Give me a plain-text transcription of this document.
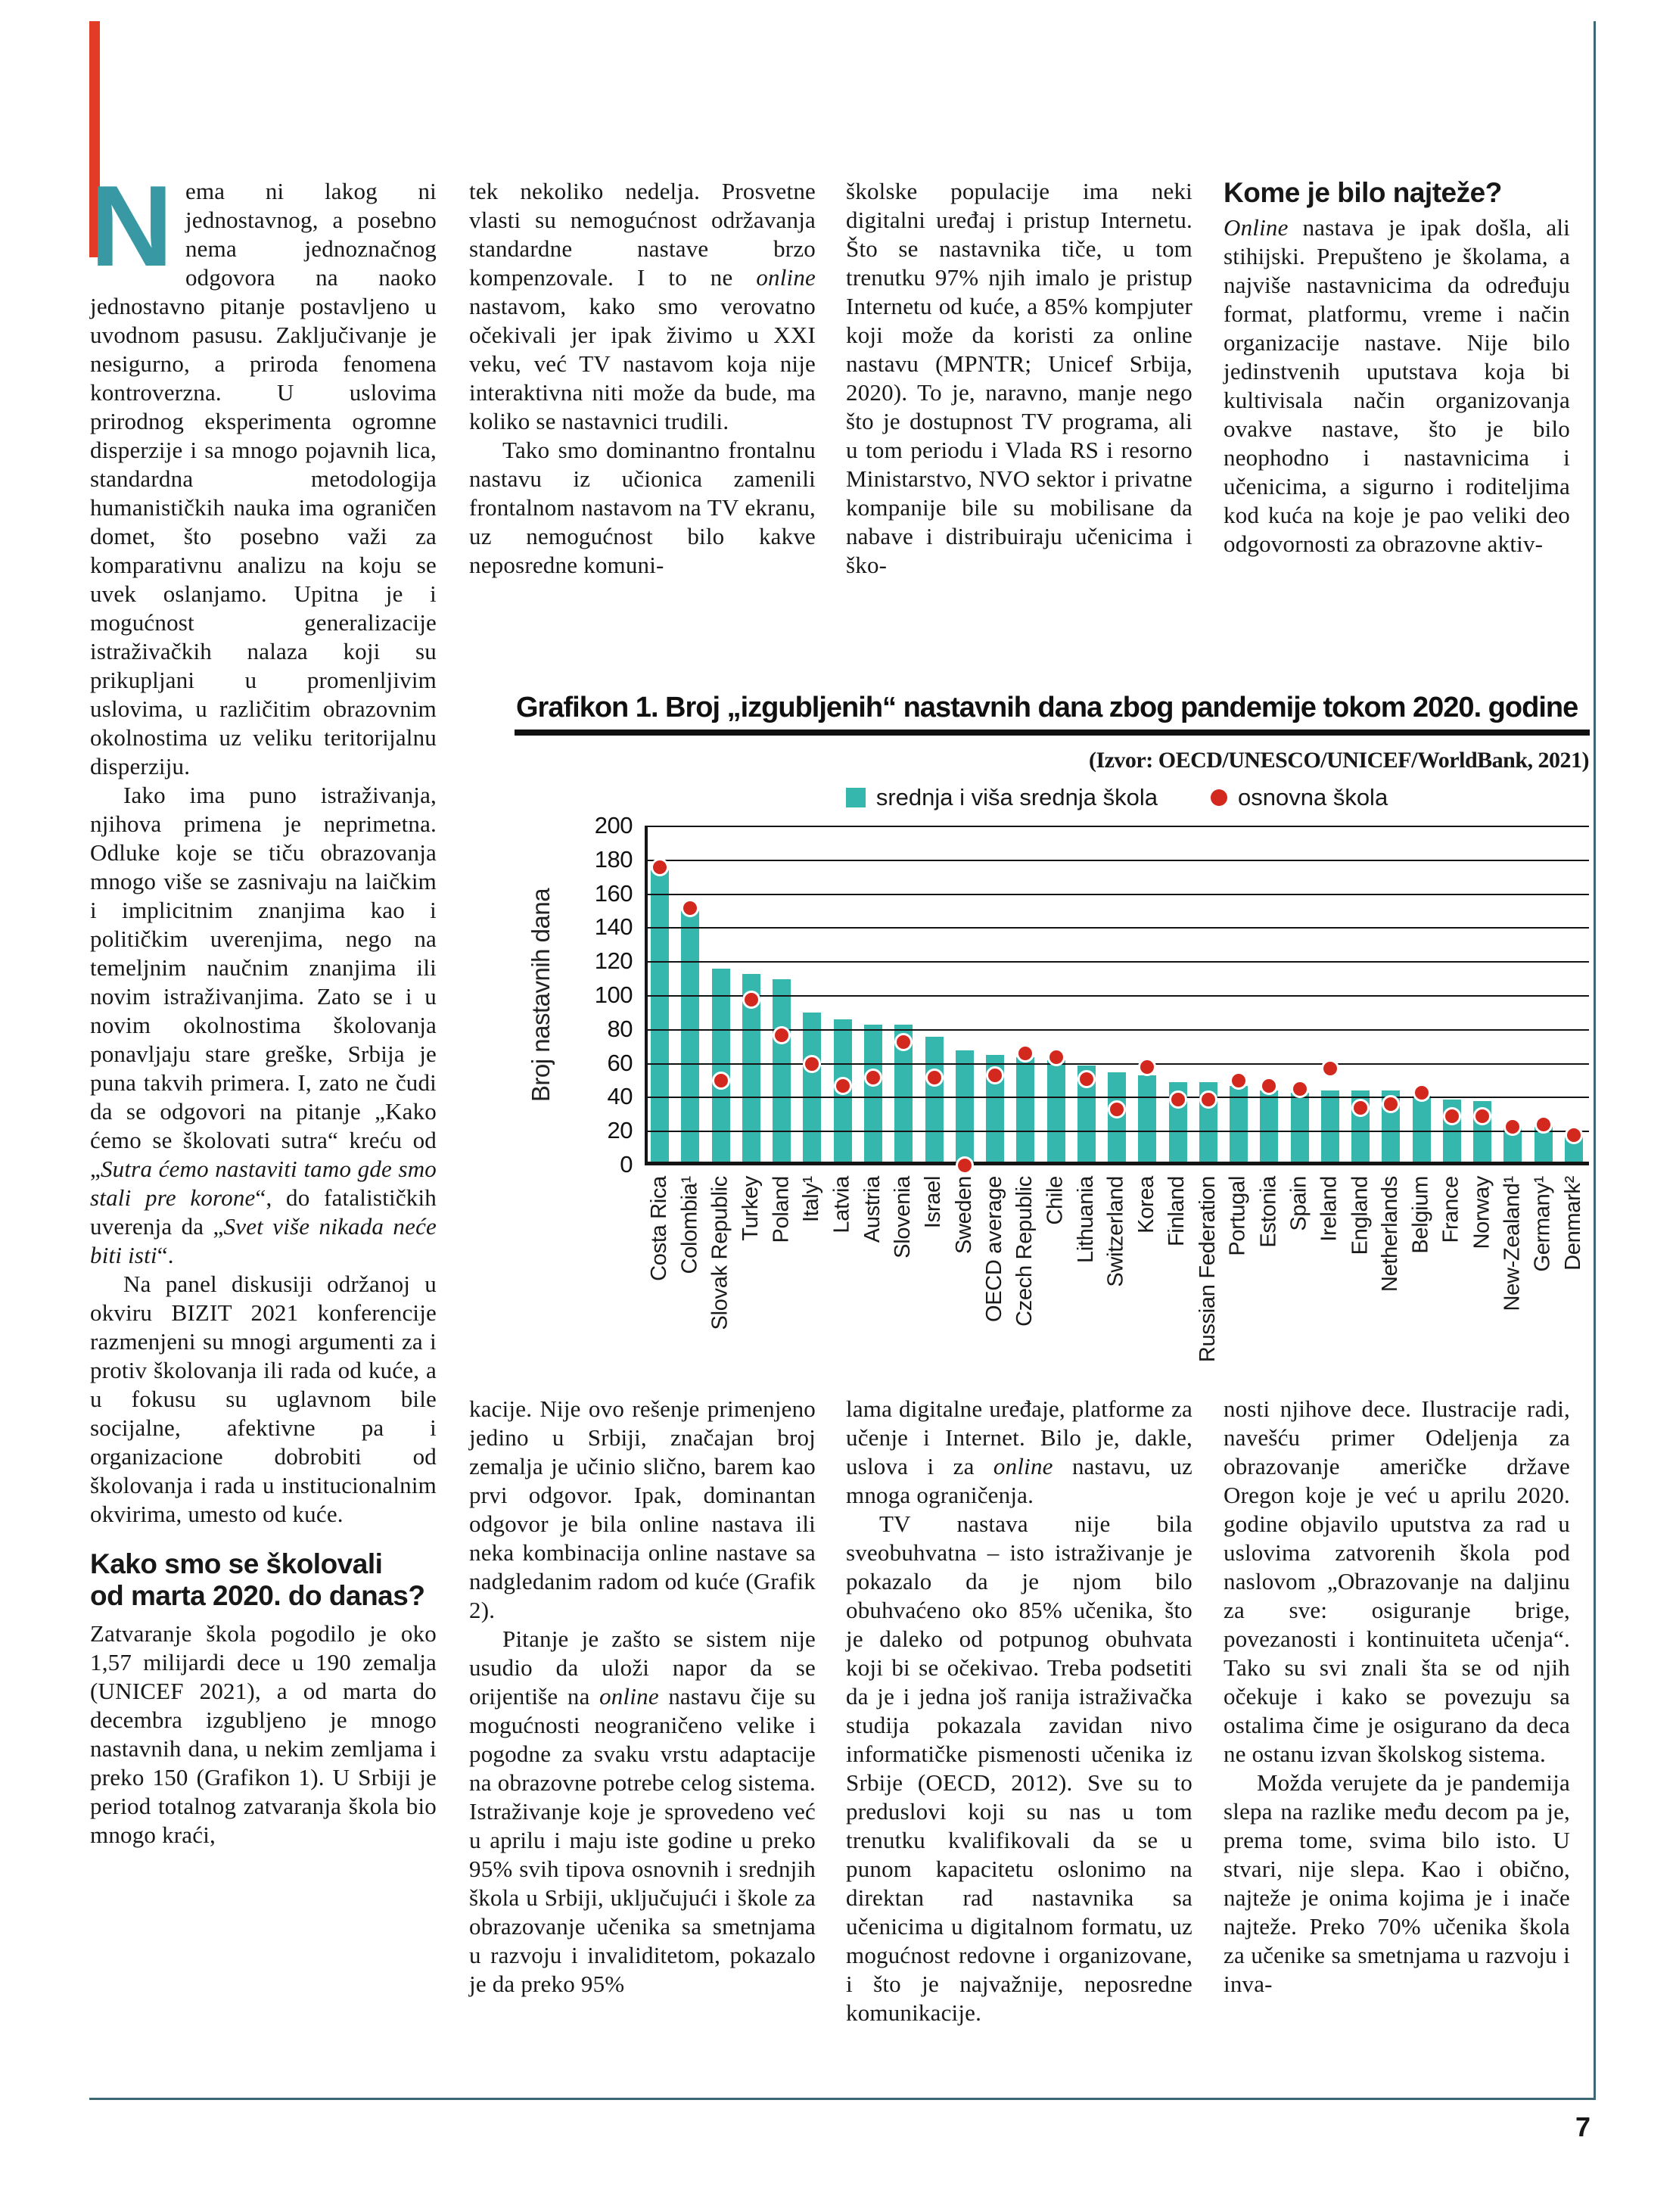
Nema ni lakog ni jednostavnog, a posebno nema jednoznačnog odgovora na naoko jednostavno pitanje postavljeno u uvodnom pasusu. Zaključivanje je nesigurno, a priroda fenomena kontroverzna. U uslovima prirodnog eksperimenta ogromne disperzije i sa mnogo pojavnih lica, standardna metodologija humanističkih nauka ima ograničen domet, što posebno važi za komparativnu analizu na koju se uvek oslanjamo. Upitna je i mogućnost generalizacije istraživačkih nalaza koji su prikupljani u promenljivim uslovima, u različitim obrazovnim okolnostima uz veliku teritorijalnu disperziju.

Iako ima puno istraživanja, njihova primena je neprimetna. Odluke koje se tiču obrazovanja mnogo više se zasnivaju na laičkim i implicitnim znanjima kao i političkim uverenjima, nego na temeljnim naučnim znanjima ili novim istraživanjima. Zato se i u novim okolnostima školovanja ponavljaju stare greške, Srbija je puna takvih primera. I, zato ne čudi da se odgovori na pitanje „Kako ćemo se školovati sutra“ kreću od „Sutra ćemo nastaviti tamo gde smo stali pre korone“, do fatalističkih uverenja da „Svet više nikada neće biti isti“.

Na panel diskusiji održanoj u okviru BIZIT 2021 konferencije razmenjeni su mnogi argumenti za i protiv školovanja ili rada od kuće, a u fokusu su uglavnom bile socijalne, afektivne pa i organizacione dobrobiti od školovanja i rada u institucionalnim okvirima, umesto od kuće.

Kako smo se školovali
od marta 2020. do danas?

Zatvaranje škola pogodilo je oko 1,57 milijardi dece u 190 zemalja (UNICEF 2021), a od marta do decembra izgubljeno je mnogo nastavnih dana, u nekim zemljama i preko 150 (Grafikon 1). U Srbiji je period totalnog zatvaranja škola bio mnogo kraći,

tek nekoliko nedelja. Prosvetne vlasti su nemogućnost održavanja standardne nastave brzo kompenzovale. I to ne online nastavom, kako smo verovatno očekivali jer ipak živimo u XXI veku, već TV nastavom koja nije interaktivna niti može da bude, ma koliko se nastavnici trudili.

Tako smo dominantno frontalnu nastavu iz učionica zamenili frontalnom nastavom na TV ekranu, uz nemogućnost bilo kakve neposredne komuni-

školske populacije ima neki digitalni uređaj i pristup Internetu. Što se nastavnika tiče, u tom trenutku 97% njih imalo je pristup Internetu od kuće, a 85% kompjuter koji može da koristi za online nastavu (MPNTR; Unicef Srbija, 2020). To je, naravno, manje nego što je dostupnost TV programa, ali u tom periodu i Vlada RS i resorno Ministarstvo, NVO sektor i privatne kompanije bile su mobilisane da nabave i distribuiraju učenicima i ško-

Kome je bilo najteže?

Online nastava je ipak došla, ali stihijski. Prepušteno je školama, a najviše nastavnicima da određuju format, platformu, vreme i način organizacije nastave. Nije bilo jedinstvenih uputstava koja bi kultivisala način organizovanja ovakve nastave, što je bilo neophodno i nastavnicima i učenicima, a sigurno i roditeljima kod kuća na koje je pao veliki deo odgovornosti za obrazovne aktiv-

Grafikon 1. Broj „izgubljenih“ nastavnih dana zbog pandemije tokom 2020. godine
(Izvor: OECD/UNESCO/UNICEF/WorldBank, 2021)
srednja i viša srednja škola	osnovna škola
Broj nastavnih dana
0
20
40
60
80
100
120
140
160
180
200
Costa Rica Colombia¹ Slovak Republic Turkey Poland Italy¹ Latvia Austria Slovenia Israel Sweden OECD average Czech Republic Chile Lithuania Switzerland Korea Finland Russian Federation Portugal Estonia Spain Ireland England Netherlands Belgium France Norway New-Zealand¹ Germany¹ Denmark²

kacije. Nije ovo rešenje primenjeno jedino u Srbiji, značajan broj zemalja je učinio slično, barem kao prvi odgovor. Ipak, dominantan odgovor je bila online nastava ili neka kombinacija online nastave sa nadgledanim radom od kuće (Grafik 2).

Pitanje je zašto se sistem nije usudio da uloži napor da se orijentiše na online nastavu čije su mogućnosti neograničeno velike i pogodne za svaku vrstu adaptacije na obrazovne potrebe celog sistema. Istraživanje koje je sprovedeno već u aprilu i maju iste godine u preko 95% svih tipova osnovnih i srednjih škola u Srbiji, uključujući i škole za obrazovanje učenika sa smetnjama u razvoju i invaliditetom, pokazalo je da preko 95%

lama digitalne uređaje, platforme za učenje i Internet. Bilo je, dakle, uslova i za online nastavu, uz mnoga ograničenja.

TV nastava nije bila sveobuhvatna – isto istraživanje je pokazalo da je njom bilo obuhvaćeno oko 85% učenika, što je daleko od potpunog obuhvata koji bi se očekivao. Treba podsetiti da je i jedna još ranija istraživačka studija pokazala zavidan nivo informatičke pismenosti učenika iz Srbije (OECD, 2012). Sve su to preduslovi koji su nas u tom trenutku kvalifikovali da se u punom kapacitetu oslonimo na direktan rad nastavnika sa učenicima u digitalnom formatu, uz mogućnost redovne i organizovane, i što je najvažnije, neposredne komunikacije.

nosti njihove dece. Ilustracije radi, navešću primer Odeljenja za obrazovanje američke države Oregon koje je već u aprilu 2020. godine objavilo uputstva za rad u uslovima zatvorenih škola pod naslovom „Obrazovanje na daljinu za sve: osiguranje brige, povezanosti i kontinuiteta učenja“. Tako su svi znali šta se od njih očekuje i kako se povezuju sa ostalima čime je osigurano da deca ne ostanu izvan školskog sistema.

Možda verujete da je pandemija slepa na razlike među decom pa je, prema tome, svima bilo isto. U stvari, nije slepa. Kao i obično, najteže je onima kojima je i inače najteže. Preko 70% učenika škola za učenike sa smetnjama u razvoju i inva-

7
